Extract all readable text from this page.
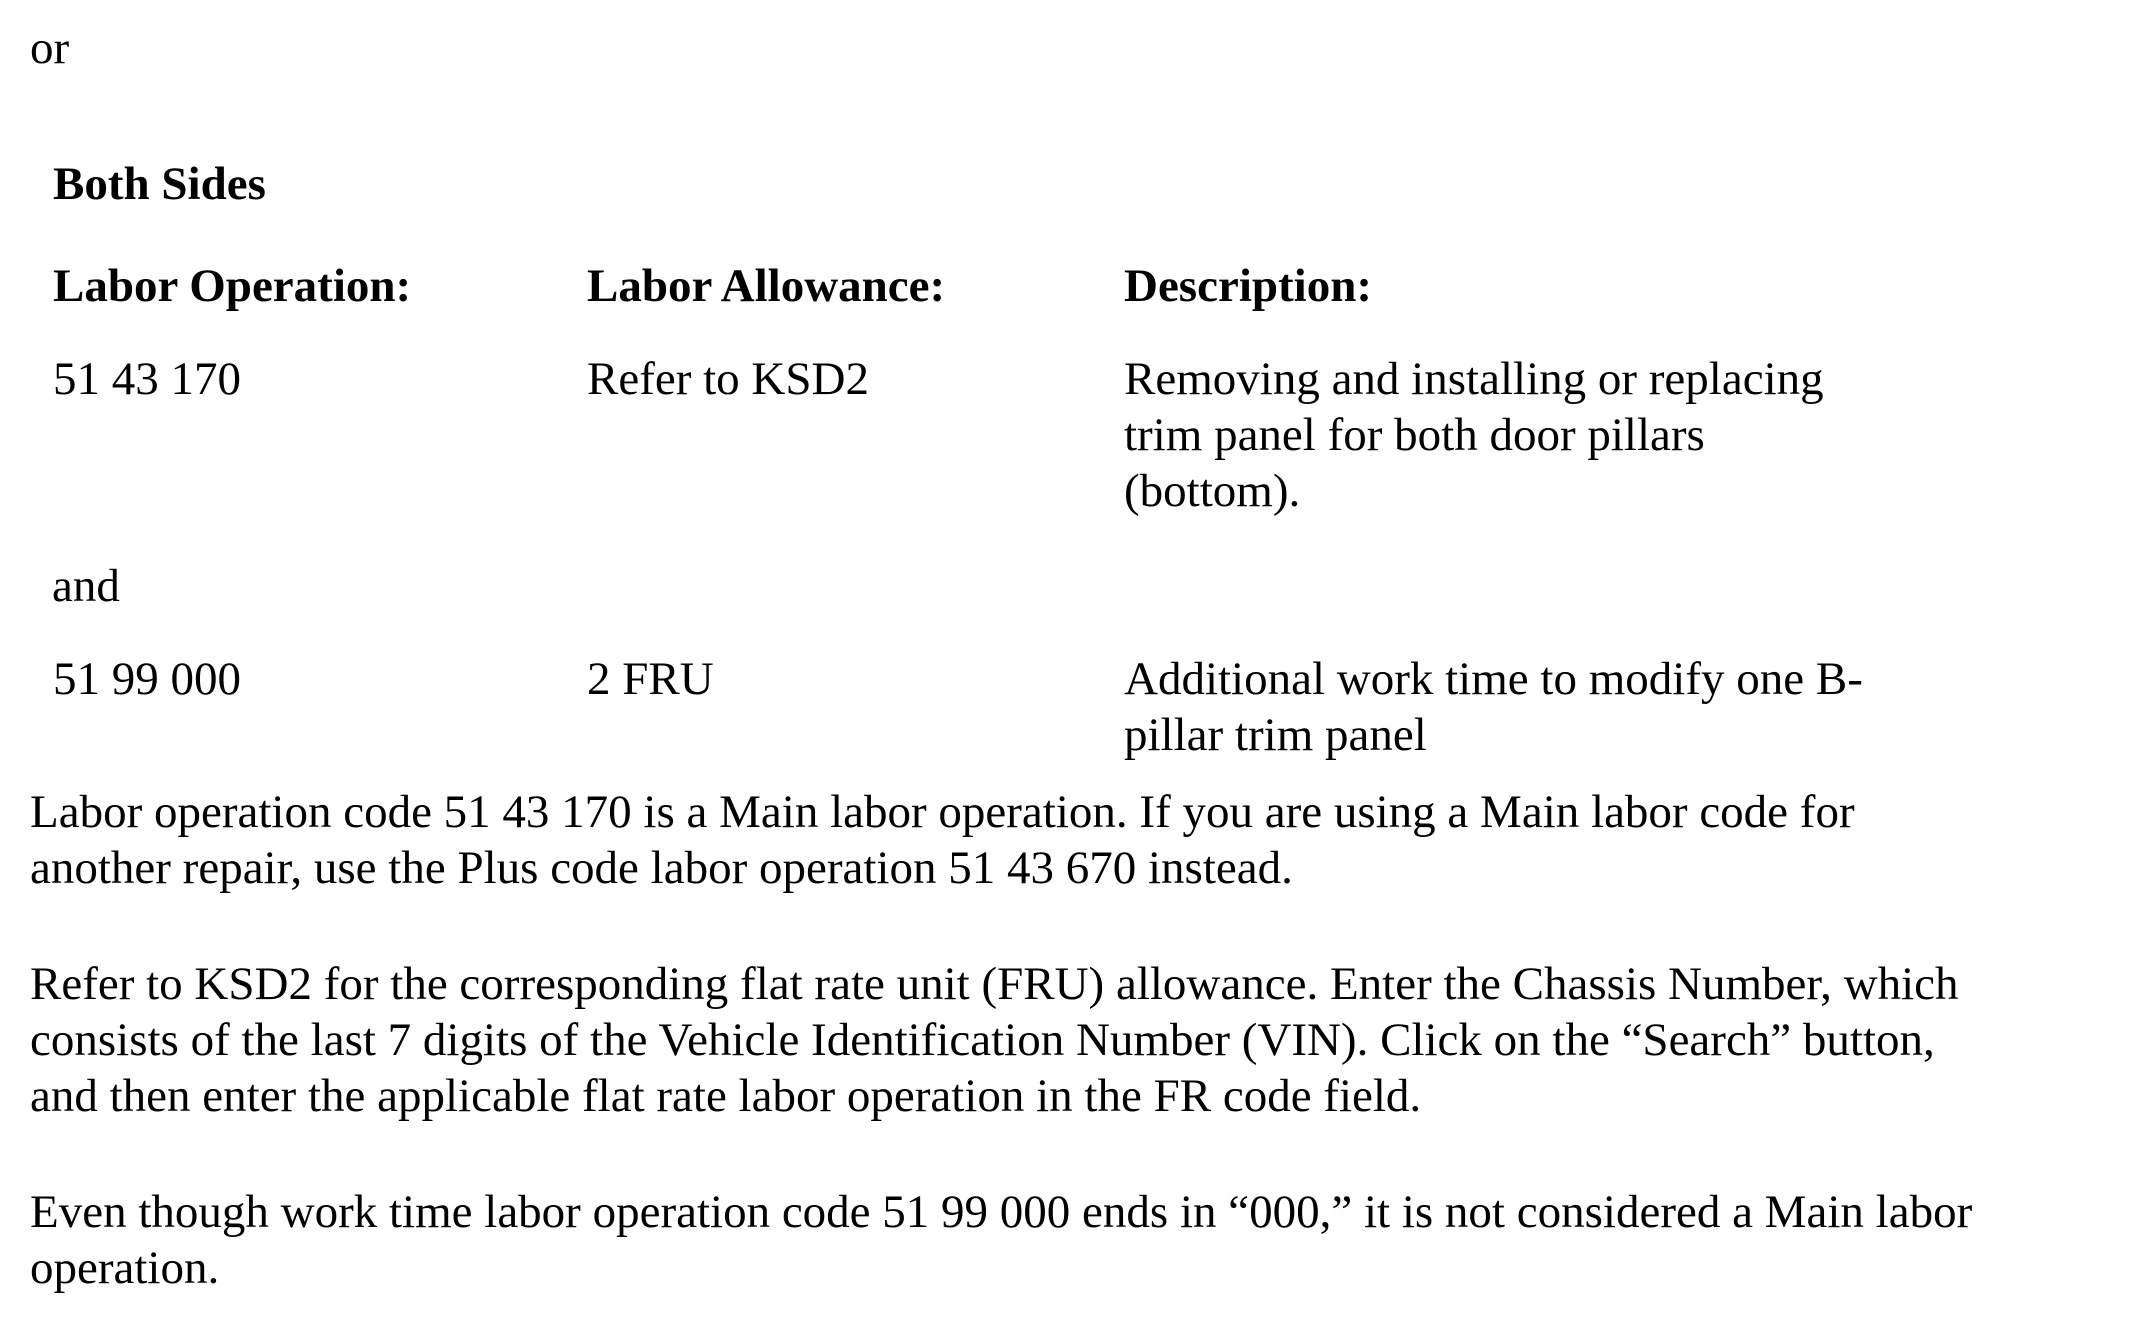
or

Both Sides

Labor Operation:	Labor Allowance:	Description:

51 43 170	Refer to KSD2	Removing and installing or replacing
trim panel for both door pillars
(bottom).

and

51 99 000	2 FRU	Additional work time to modify one B-
pillar trim panel
Labor operation code 51 43 170 is a Main labor operation. If you are using a Main labor code for
another repair, use the Plus code labor operation 51 43 670 instead.
Refer to KSD2 for the corresponding flat rate unit (FRU) allowance. Enter the Chassis Number, which
consists of the last 7 digits of the Vehicle Identification Number (VIN). Click on the “Search” button,
and then enter the applicable flat rate labor operation in the FR code field.
Even though work time labor operation code 51 99 000 ends in “000,” it is not considered a Main labor
operation.
